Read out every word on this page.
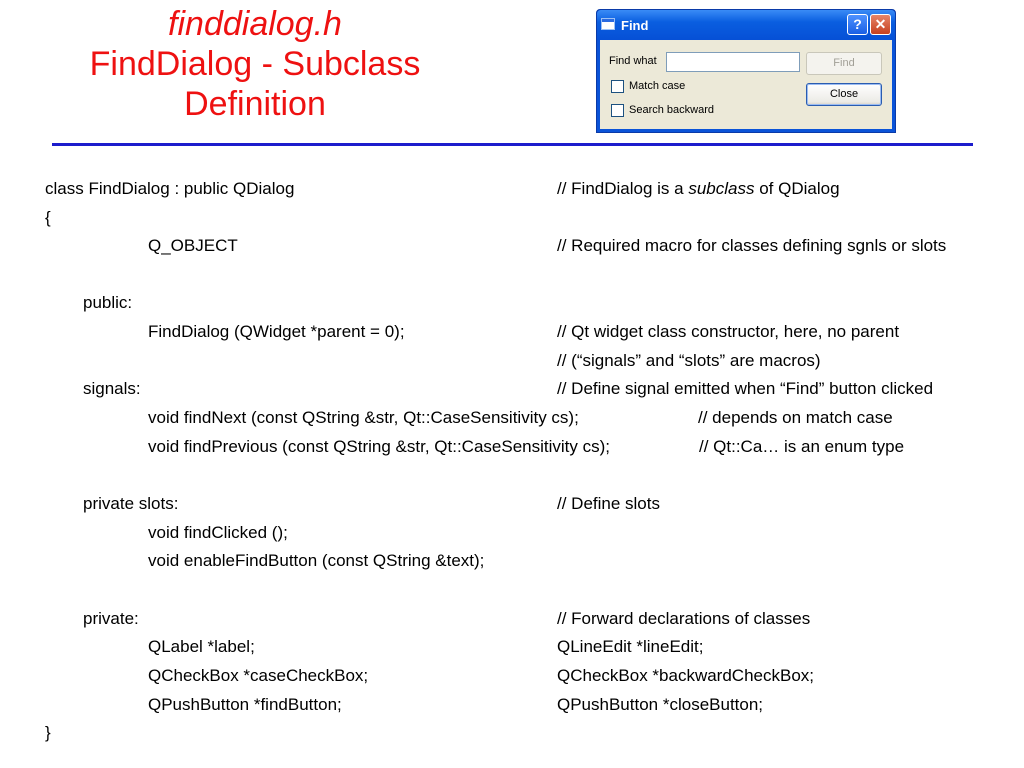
finddialog.h
FindDialog - Subclass
Definition
Find	? ✕
Find what
Match case
Search backward
Find
Close
class FindDialog : public QDialog	// FindDialog is a subclass of QDialog
{
Q_OBJECT	// Required macro for classes defining sgnls or slots
public:
FindDialog (QWidget *parent = 0);	// Qt widget class constructor, here, no parent
// (“signals” and “slots” are macros)
signals:	// Define signal emitted when “Find” button clicked
void findNext (const QString &str, Qt::CaseSensitivity cs);	// depends on match case
void findPrevious (const QString &str, Qt::CaseSensitivity cs);	// Qt::Ca… is an enum type
private slots:	// Define slots
void findClicked ();
void enableFindButton (const QString &text);
private:	// Forward declarations of classes
QLabel *label;	QLineEdit *lineEdit;
QCheckBox *caseCheckBox;	QCheckBox *backwardCheckBox;
QPushButton *findButton;	QPushButton *closeButton;
}
